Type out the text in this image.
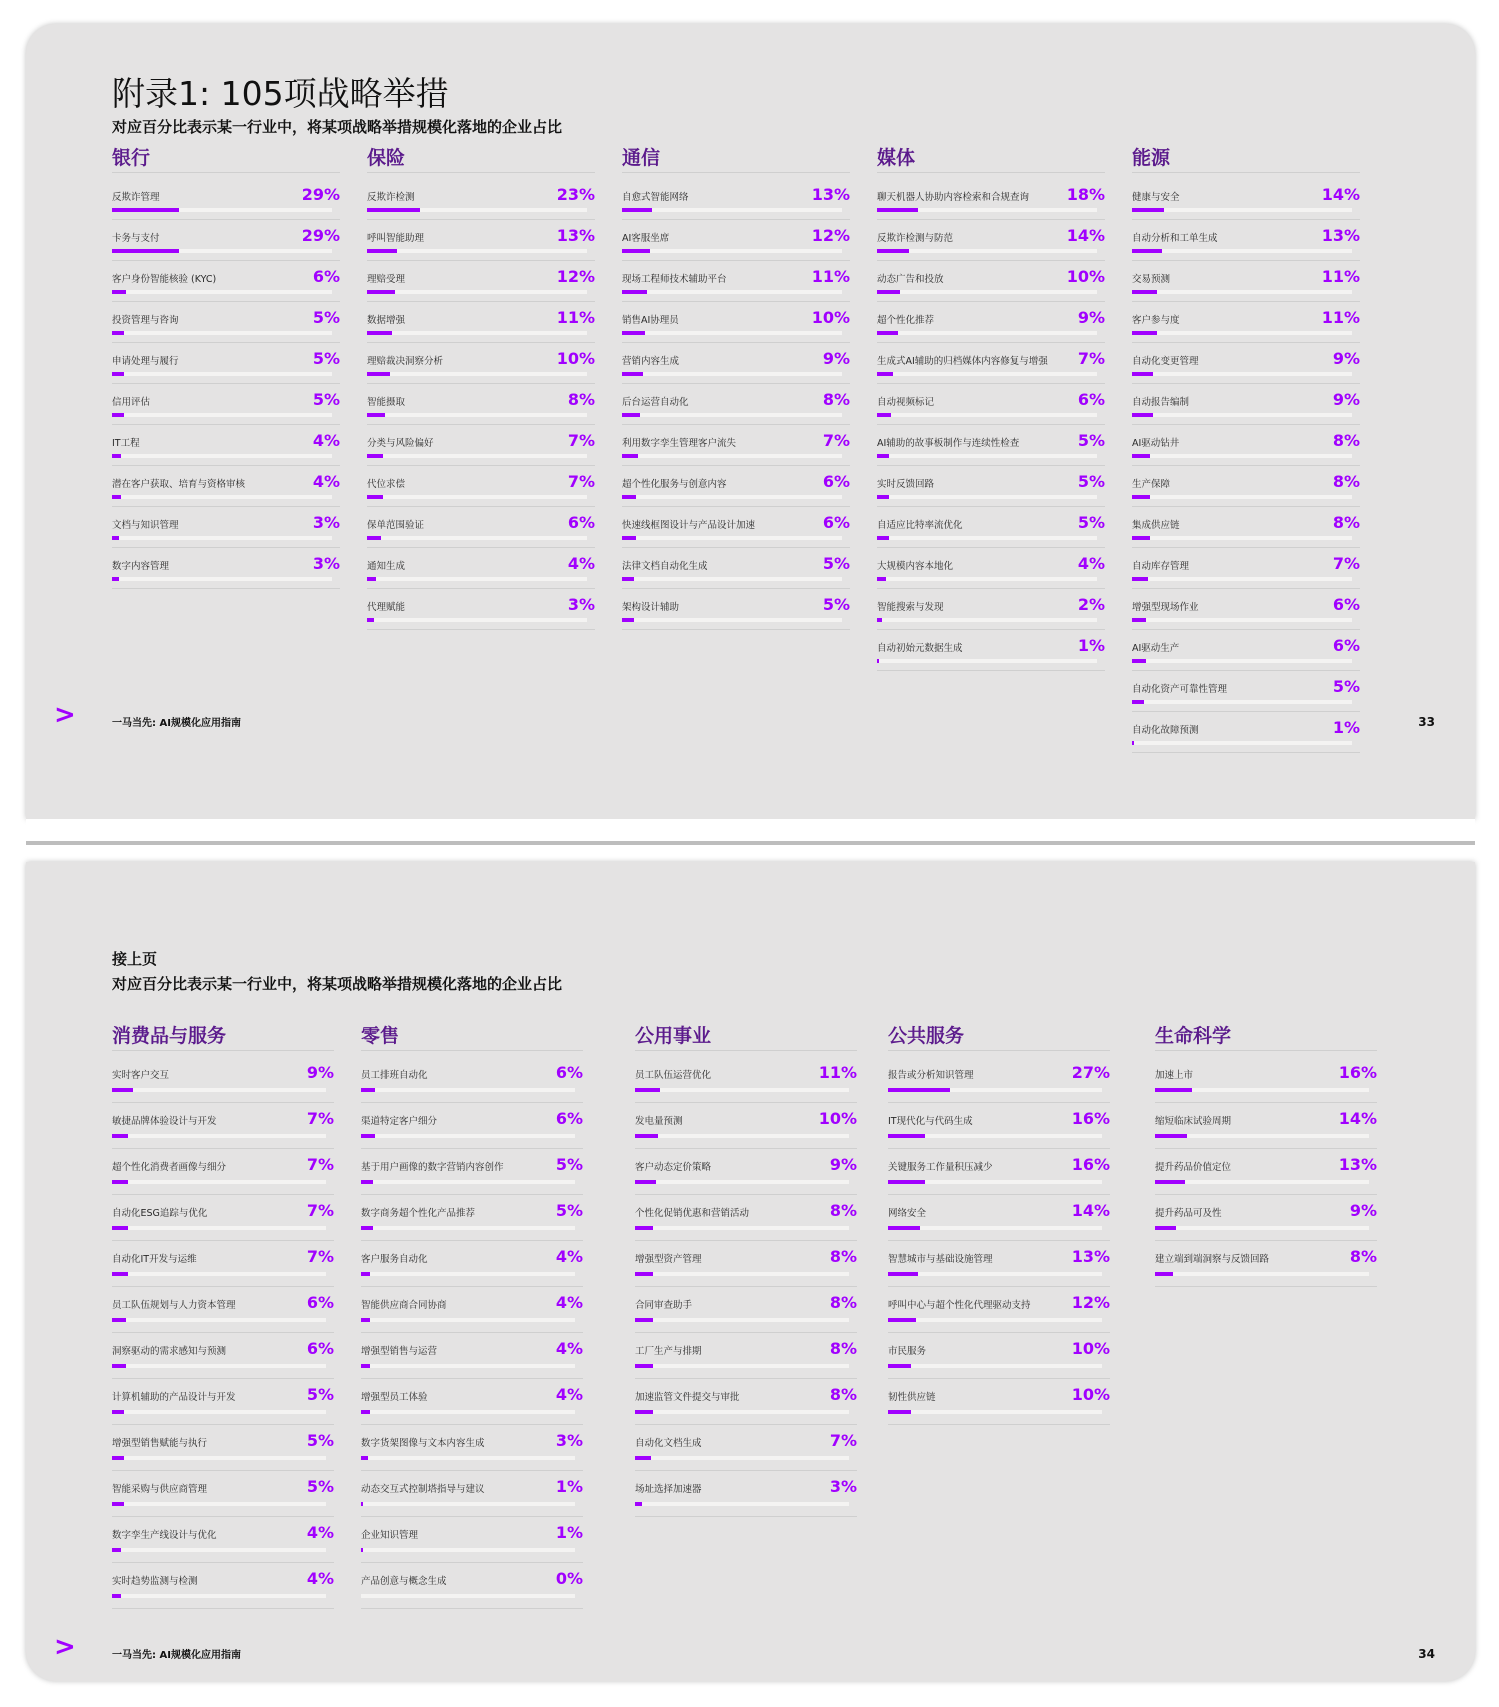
附录1: 105项战略举措
对应百分比表示某一行业中，将某项战略举措规模化落地的企业占比
银行
反欺诈管理	29%
卡务与支付	29%
客户身份智能核验 (KYC)	6%
投资管理与咨询	5%
申请处理与履行	5%
信用评估	5%
IT工程	4%
潜在客户获取、培育与资格审核	4%
文档与知识管理	3%
数字内容管理	3%
保险
反欺诈检测	23%
呼叫智能助理	13%
理赔受理	12%
数据增强	11%
理赔裁决洞察分析	10%
智能摄取	8%
分类与风险偏好	7%
代位求偿	7%
保单范围验证	6%
通知生成	4%
代理赋能	3%
通信
自愈式智能网络	13%
AI客服坐席	12%
现场工程师技术辅助平台	11%
销售AI协理员	10%
营销内容生成	9%
后台运营自动化	8%
利用数字孪生管理客户流失	7%
超个性化服务与创意内容	6%
快速线框图设计与产品设计加速	6%
法律文档自动化生成	5%
架构设计辅助	5%
媒体
聊天机器人协助内容检索和合规查询 18%
反欺诈检测与防范	14%
动态广告和投放	10%
超个性化推荐	9%
生成式AI辅助的归档媒体内容修复与增强 7%
自动视频标记	6%
AI辅助的故事板制作与连续性检查	5%
实时反馈回路	5%
自适应比特率流优化	5%
大规模内容本地化	4%
智能搜索与发现	2%
自动初始元数据生成	1%
能源
健康与安全	14%
自动分析和工单生成	13%
交易预测	11%
客户参与度	11%
自动化变更管理	9%
自动报告编制	9%
AI驱动钻井	8%
生产保障	8%
集成供应链	8%
自动库存管理	7%
增强型现场作业	6%
AI驱动生产	6%
自动化资产可靠性管理	5%
自动化故障预测	1%
>	一马当先: AI规模化应用指南	33
接上页
对应百分比表示某一行业中，将某项战略举措规模化落地的企业占比
消费品与服务
实时客户交互	9%
敏捷品牌体验设计与开发	7%
超个性化消费者画像与细分	7%
自动化ESG追踪与优化	7%
自动化IT开发与运维	7%
员工队伍规划与人力资本管理	6%
洞察驱动的需求感知与预测	6%
计算机辅助的产品设计与开发	5%
增强型销售赋能与执行	5%
智能采购与供应商管理	5%
数字孪生产线设计与优化	4%
实时趋势监测与检测	4%
零售
员工排班自动化	6%
渠道特定客户细分	6%
基于用户画像的数字营销内容创作	5%
数字商务超个性化产品推荐	5%
客户服务自动化	4%
智能供应商合同协商	4%
增强型销售与运营	4%
增强型员工体验	4%
数字货架图像与文本内容生成	3%
动态交互式控制塔指导与建议	1%
企业知识管理	1%
产品创意与概念生成	0%
公用事业
员工队伍运营优化	11%
发电量预测	10%
客户动态定价策略	9%
个性化促销优惠和营销活动	8%
增强型资产管理	8%
合同审查助手	8%
工厂生产与排期	8%
加速监管文件提交与审批	8%
自动化文档生成	7%
场址选择加速器	3%
公共服务
报告或分析知识管理	27%
IT现代化与代码生成	16%
关键服务工作量积压减少	16%
网络安全	14%
智慧城市与基础设施管理	13%
呼叫中心与超个性化代理驱动支持	12%
市民服务	10%
韧性供应链	10%
生命科学
加速上市	16%
缩短临床试验周期	14%
提升药品价值定位	13%
提升药品可及性	9%
建立端到端洞察与反馈回路	8%
>	一马当先: AI规模化应用指南	34
